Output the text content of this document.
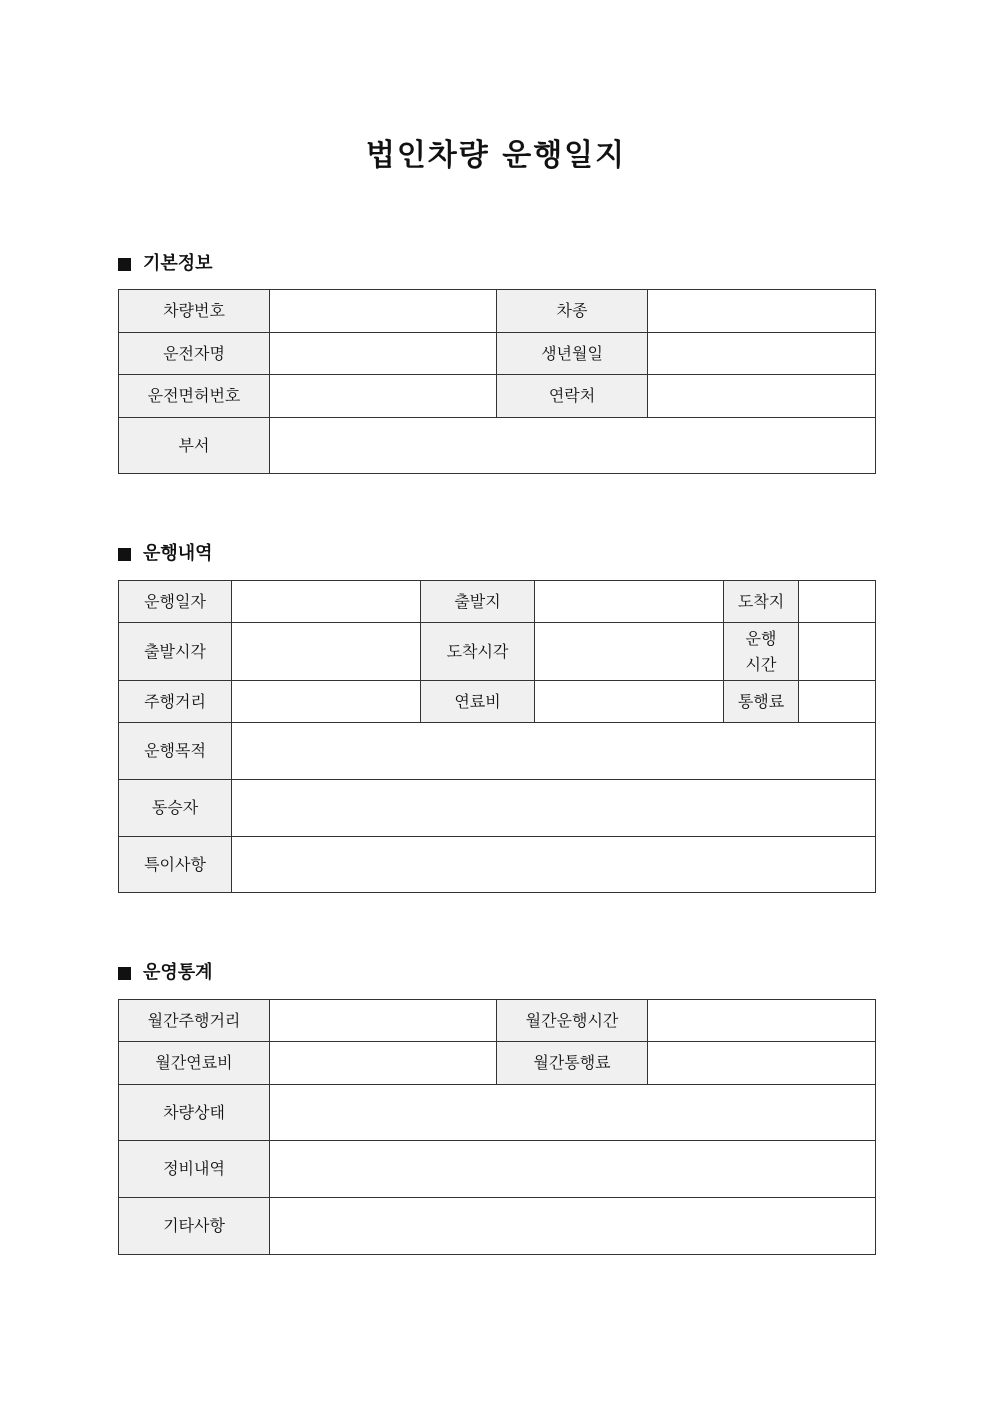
법인차량 운행일지
기본정보
차량번호		차종	
운전자명		생년월일	
운전면허번호		연락처	
부서			
운행내역
운행일자		출발지		도착지	
출발시각		도착시각		운행시간	
주행거리		연료비		통행료	
운행목적					
동승자					
특이사항					
운영통계
월간주행거리		월간운행시간	
월간연료비		월간통행료	
차량상태			
정비내역			
기타사항			
